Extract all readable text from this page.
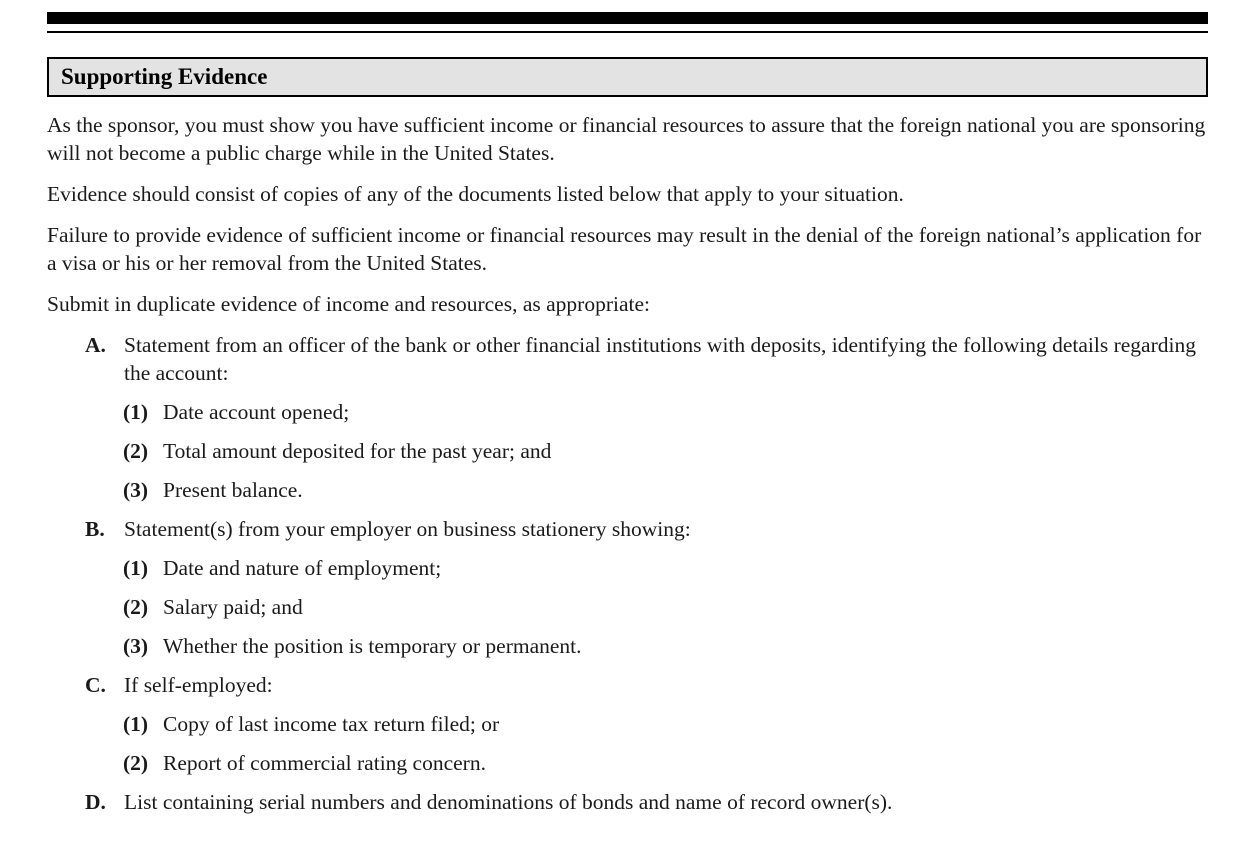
Supporting Evidence

As the sponsor, you must show you have sufficient income or financial resources to assure that the foreign national you are sponsoring will not become a public charge while in the United States.

Evidence should consist of copies of any of the documents listed below that apply to your situation.

Failure to provide evidence of sufficient income or financial resources may result in the denial of the foreign national’s application for a visa or his or her removal from the United States.

Submit in duplicate evidence of income and resources, as appropriate:

A. Statement from an officer of the bank or other financial institutions with deposits, identifying the following details regarding the account:
(1) Date account opened;
(2) Total amount deposited for the past year; and
(3) Present balance.
B. Statement(s) from your employer on business stationery showing:
(1) Date and nature of employment;
(2) Salary paid; and
(3) Whether the position is temporary or permanent.
C. If self-employed:
(1) Copy of last income tax return filed; or
(2) Report of commercial rating concern.
D. List containing serial numbers and denominations of bonds and name of record owner(s).
